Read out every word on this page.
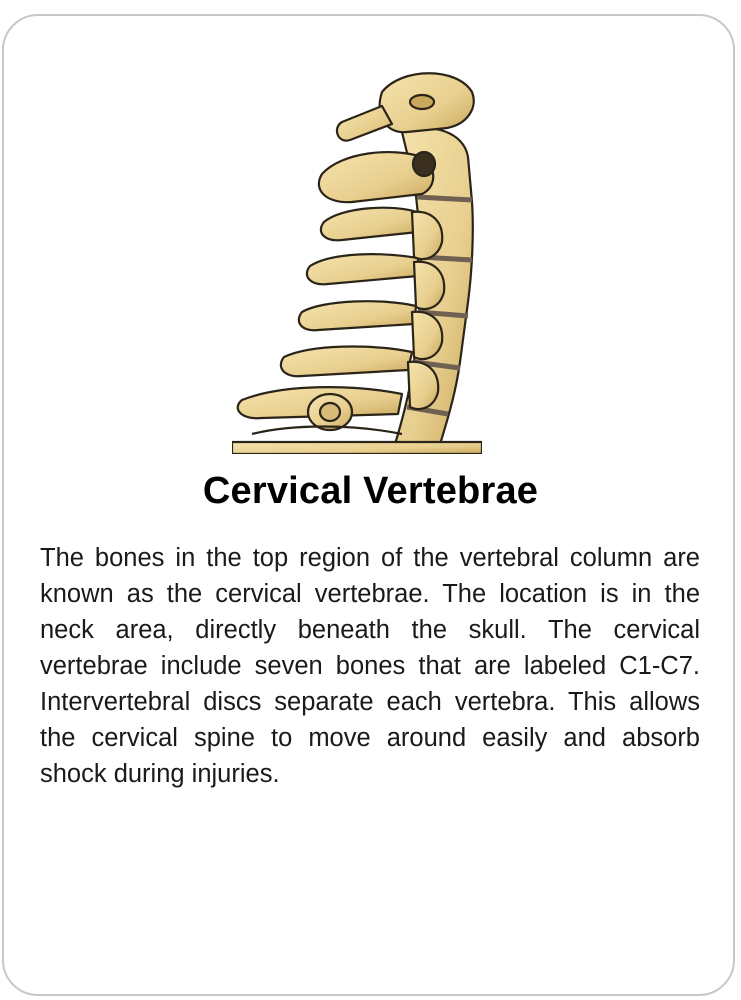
Cervical Vertebrae
The bones in the top region of the vertebral column are known as the cervical vertebrae. The location is in the neck area, directly beneath the skull. The cervical vertebrae include seven bones that are labeled C1-C7. Intervertebral discs separate each vertebra. This allows the cervical spine to move around easily and absorb shock during injuries.
